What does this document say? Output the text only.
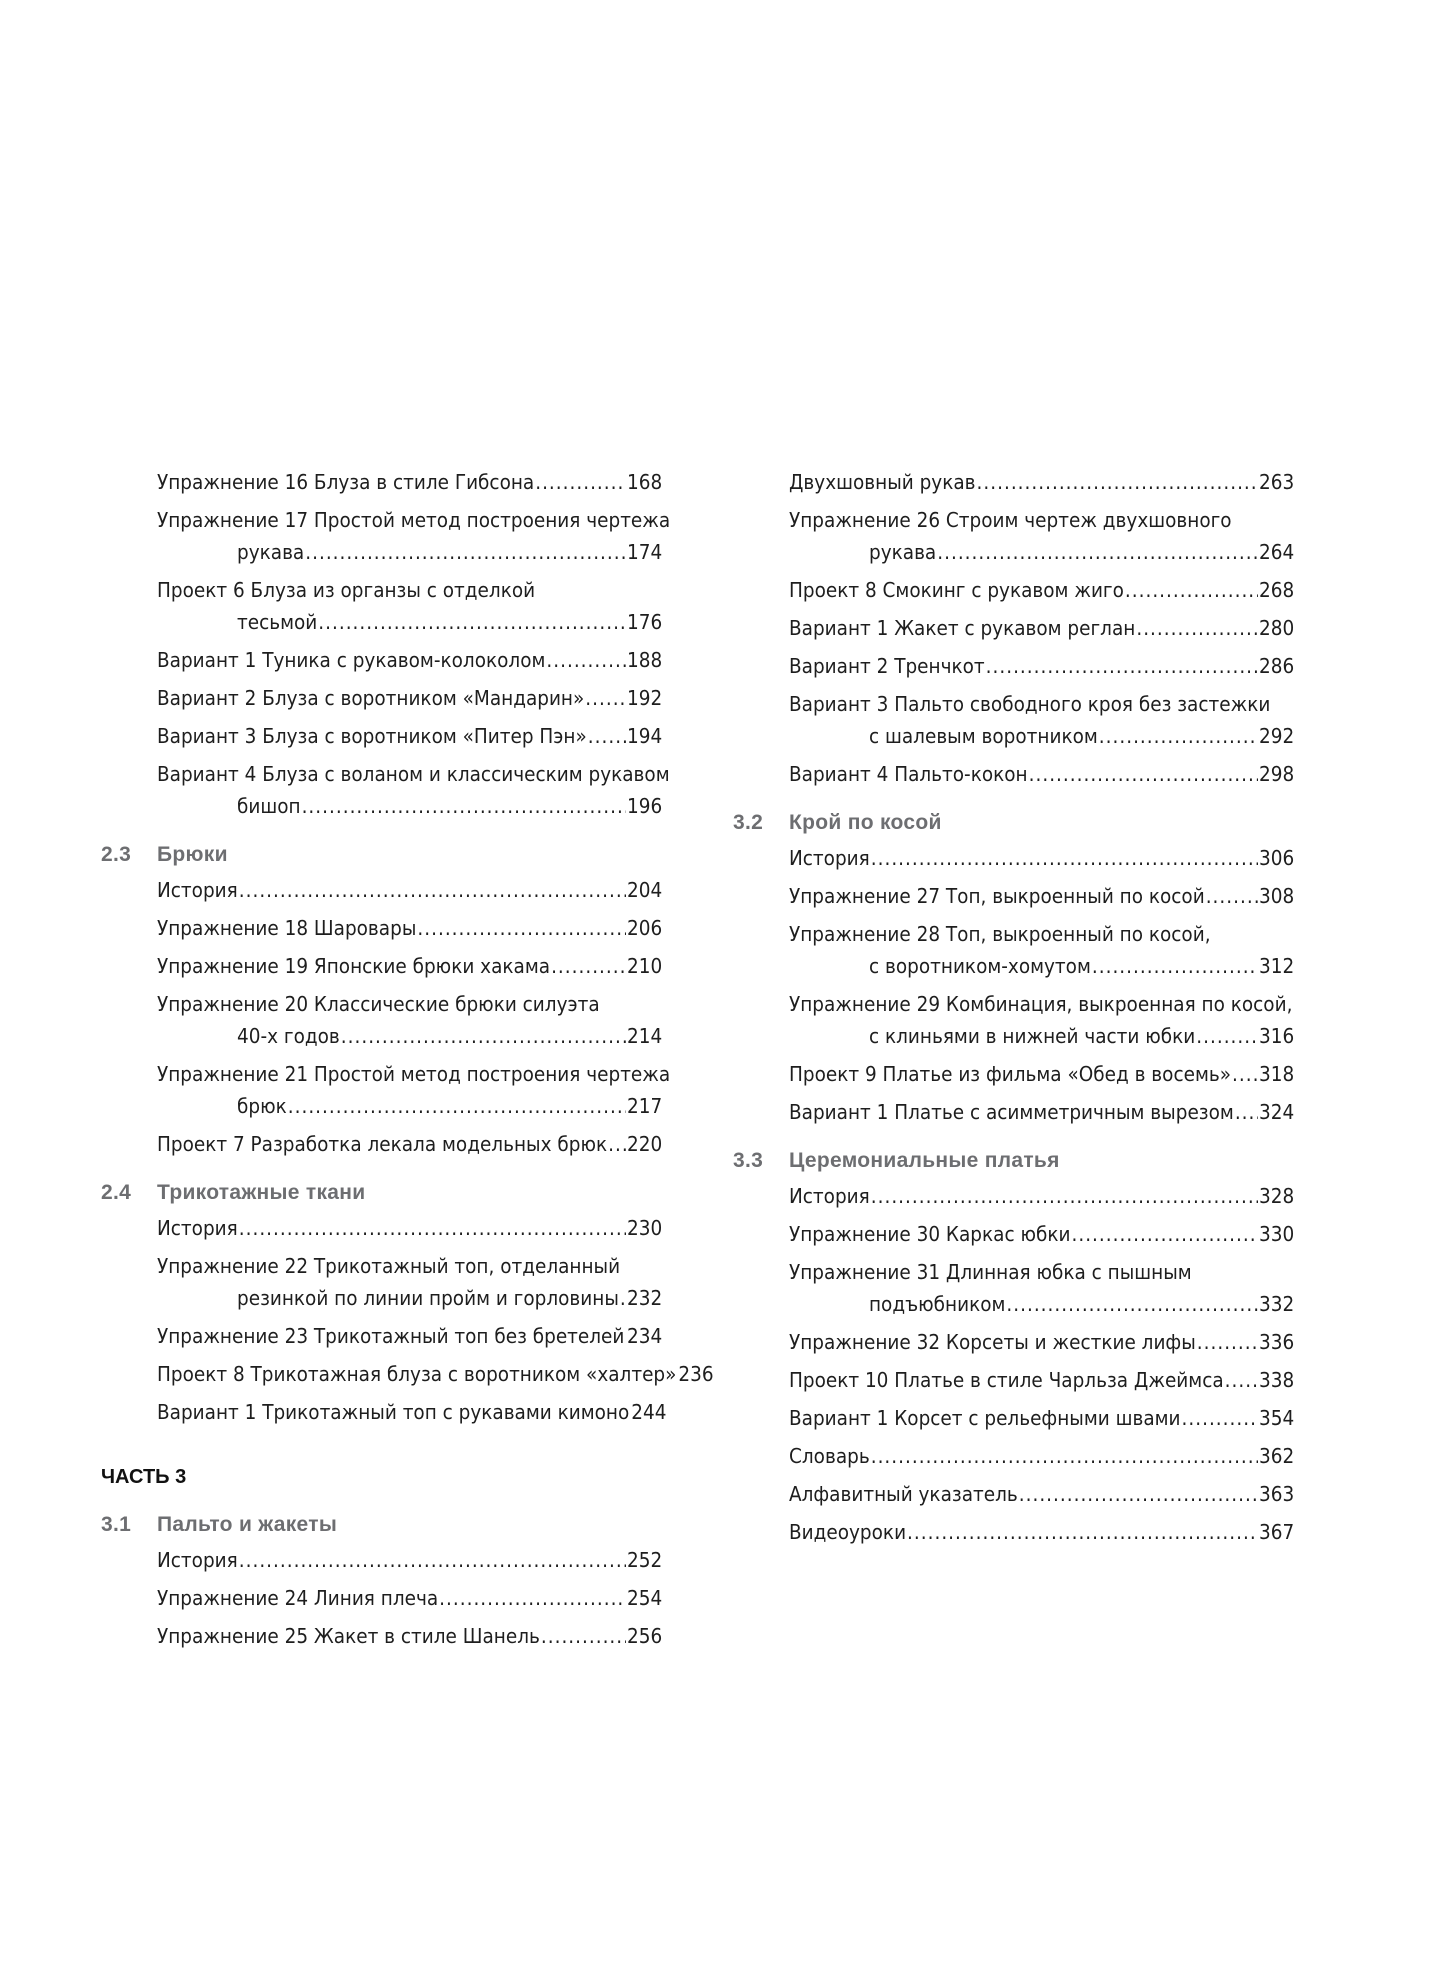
Упражнение 16 Блуза в стиле Гибсона .....	168
Упражнение 17 Простой метод построения чертежа
рукава .....	174
Проект 6 Блуза из органзы с отделкой
тесьмой .....	176
Вариант 1 Туника с рукавом-колоколом .....	188
Вариант 2 Блуза с воротником «Мандарин» ..... 192
Вариант 3 Блуза с воротником «Питер Пэн» ..... 194
Вариант 4 Блуза с воланом и классическим рукавом
бишоп .....	196
2.3	Брюки
История .....	204
Упражнение 18 Шаровары .....	206
Упражнение 19 Японские брюки хакама .....	210
Упражнение 20 Классические брюки силуэта
40-х годов .....	214
Упражнение 21 Простой метод построения чертежа
брюк .....	217
Проект 7 Разработка лекала модельных брюк ..... 220
2.4	Трикотажные ткани
История .....	230
Упражнение 22 Трикотажный топ, отделанный
резинкой по линии пройм и горловины ..... 232
Упражнение 23 Трикотажный топ без бретелей ..... 234
Проект 8 Трикотажная блуза с воротником «халтер» 236
Вариант 1 Трикотажный топ с рукавами кимоно 244
ЧАСТЬ 3
3.1	Пальто и жакеты
История .....	252
Упражнение 24 Линия плеча .....	254
Упражнение 25 Жакет в стиле Шанель .....	256
Двухшовный рукав .....	263
Упражнение 26 Строим чертеж двухшовного
рукава .....	264
Проект 8 Смокинг с рукавом жиго .....	268
Вариант 1 Жакет с рукавом реглан .....	280
Вариант 2 Тренчкот .....	286
Вариант 3 Пальто свободного кроя без застежки
с шалевым воротником .....	292
Вариант 4 Пальто-кокон .....	298
3.2	Крой по косой
История .....	306
Упражнение 27 Топ, выкроенный по косой .....	308
Упражнение 28 Топ, выкроенный по косой,
с воротником-хомутом .....	312
Упражнение 29 Комбинация, выкроенная по косой,
с клиньями в нижней части юбки .....	316
Проект 9 Платье из фильма «Обед в восемь» ..... 318
Вариант 1 Платье с асимметричным вырезом ..... 324
3.3	Церемониальные платья
История .....	328
Упражнение 30 Каркас юбки .....	330
Упражнение 31 Длинная юбка с пышным
подъюбником .....	332
Упражнение 32 Корсеты и жесткие лифы .....	336
Проект 10 Платье в стиле Чарльза Джеймса ..... 338
Вариант 1 Корсет с рельефными швами .....	354
Словарь .....	362
Алфавитный указатель .....	363
Видеоуроки .....	367
